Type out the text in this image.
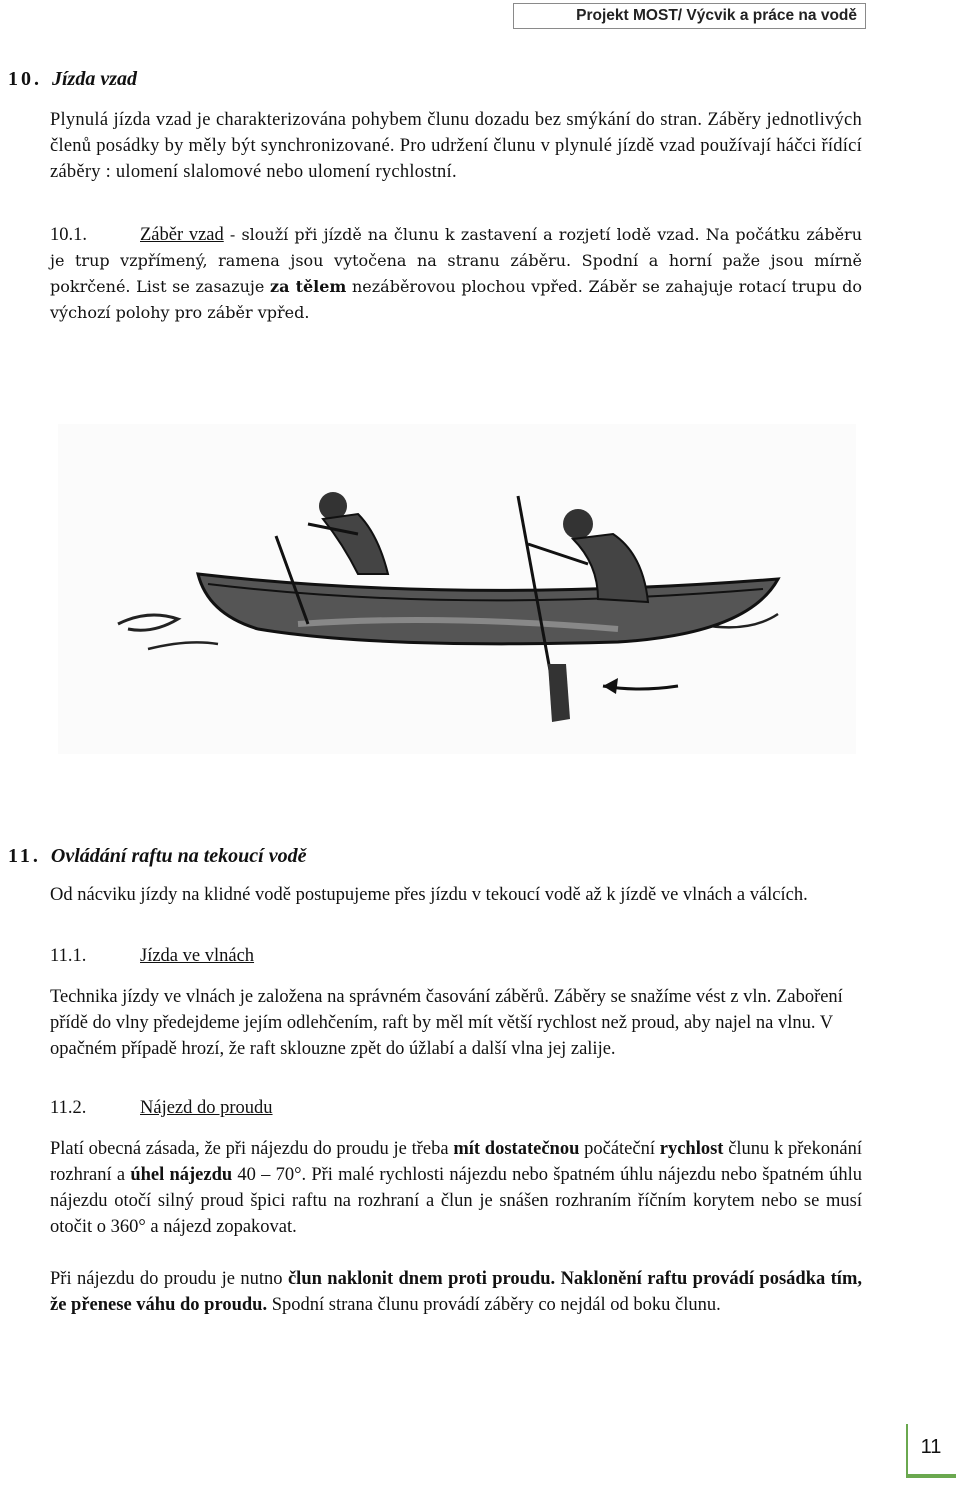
Projekt MOST/ Výcvik a práce na vodě
10. Jízda vzad

Plynulá jízda vzad je charakterizována pohybem člunu dozadu bez smýkání do stran. Záběry jednotlivých členů posádky by měly být synchronizované. Pro udržení člunu v plynulé jízdě vzad používají háčci řídící záběry : ulomení slalomové nebo ulomení rychlostní.

10.1.	Záběr vzad - slouží při jízdě na člunu k zastavení a rozjetí lodě vzad. Na počátku záběru je trup vzpřímený, ramena jsou vytočena na stranu záběru. Spodní a horní paže jsou mírně pokrčené. List se zasazuje za tělem nezáběrovou plochou vpřed. Záběr se zahajuje rotací trupu do výchozí polohy pro záběr vpřed.

11. Ovládání raftu na tekoucí vodě

Od nácviku jízdy na klidné vodě postupujeme přes jízdu v tekoucí vodě až k jízdě ve vlnách a válcích.

11.1.	Jízda ve vlnách

Technika jízdy ve vlnách je založena na správném časování záběrů. Záběry se snažíme vést z vln. Zaboření přídě do vlny předejdeme jejím odlehčením, raft by měl mít větší rychlost než proud, aby najel na vlnu. V opačném případě hrozí, že raft sklouzne zpět do úžlabí a další vlna jej zalije.

11.2.	Nájezd do proudu

Platí obecná zásada, že při nájezdu do proudu je třeba mít dostatečnou počáteční rychlost člunu k překonání rozhraní a úhel nájezdu 40 – 70°. Při malé rychlosti nájezdu nebo špatném úhlu nájezdu nebo špatném úhlu nájezdu otočí silný proud špici raftu na rozhraní a člun je snášen rozhraním říčním korytem nebo se musí otočit o 360° a nájezd zopakovat.

Při nájezdu do proudu je nutno člun naklonit dnem proti proudu. Naklonění raftu provádí posádka tím, že přenese váhu do proudu. Spodní strana člunu provádí záběry co nejdál od boku člunu.

11
